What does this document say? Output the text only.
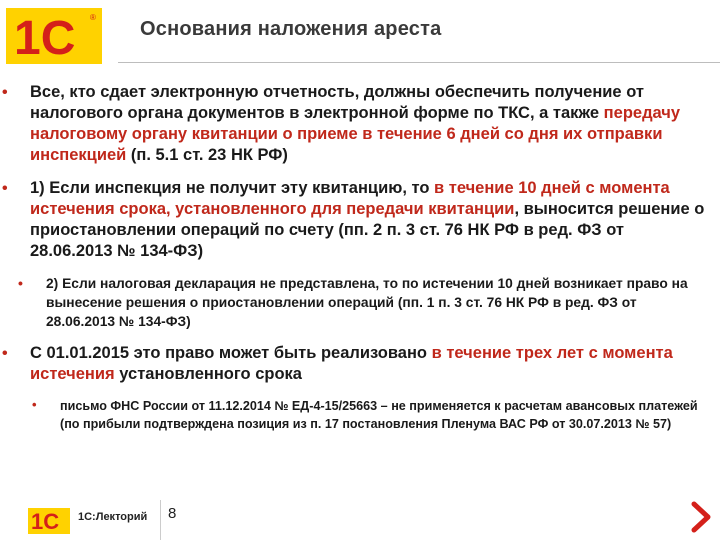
1С ®
Основания наложения ареста
•	Все, кто сдает электронную отчетность, должны обеспечить получение от налогового органа документов в электронной форме по ТКС, а также передачу налоговому органу квитанции о приеме в течение 6 дней со дня их отправки инспекцией (п. 5.1 ст. 23 НК РФ)
•	1) Если инспекция не получит эту квитанцию, то в течение 10 дней с момента истечения срока, установленного для передачи квитанции, выносится решение о приостановлении операций по счету (пп. 2 п. 3 ст. 76 НК РФ в ред. ФЗ от 28.06.2013 № 134-ФЗ)
•	2) Если налоговая декларация не представлена, то по истечении 10 дней возникает право на вынесение решения о приостановлении операций (пп. 1 п. 3 ст. 76 НК РФ в ред. ФЗ от 28.06.2013 № 134-ФЗ)
•	С 01.01.2015 это право может быть реализовано в течение трех лет с момента истечения установленного срока
•	письмо ФНС России от 11.12.2014 № ЕД-4-15/25663 – не применяется к расчетам авансовых платежей (по прибыли подтверждена позиция из п. 17 постановления Пленума ВАС РФ от 30.07.2013 № 57)
1С 1С:Лекторий 8
